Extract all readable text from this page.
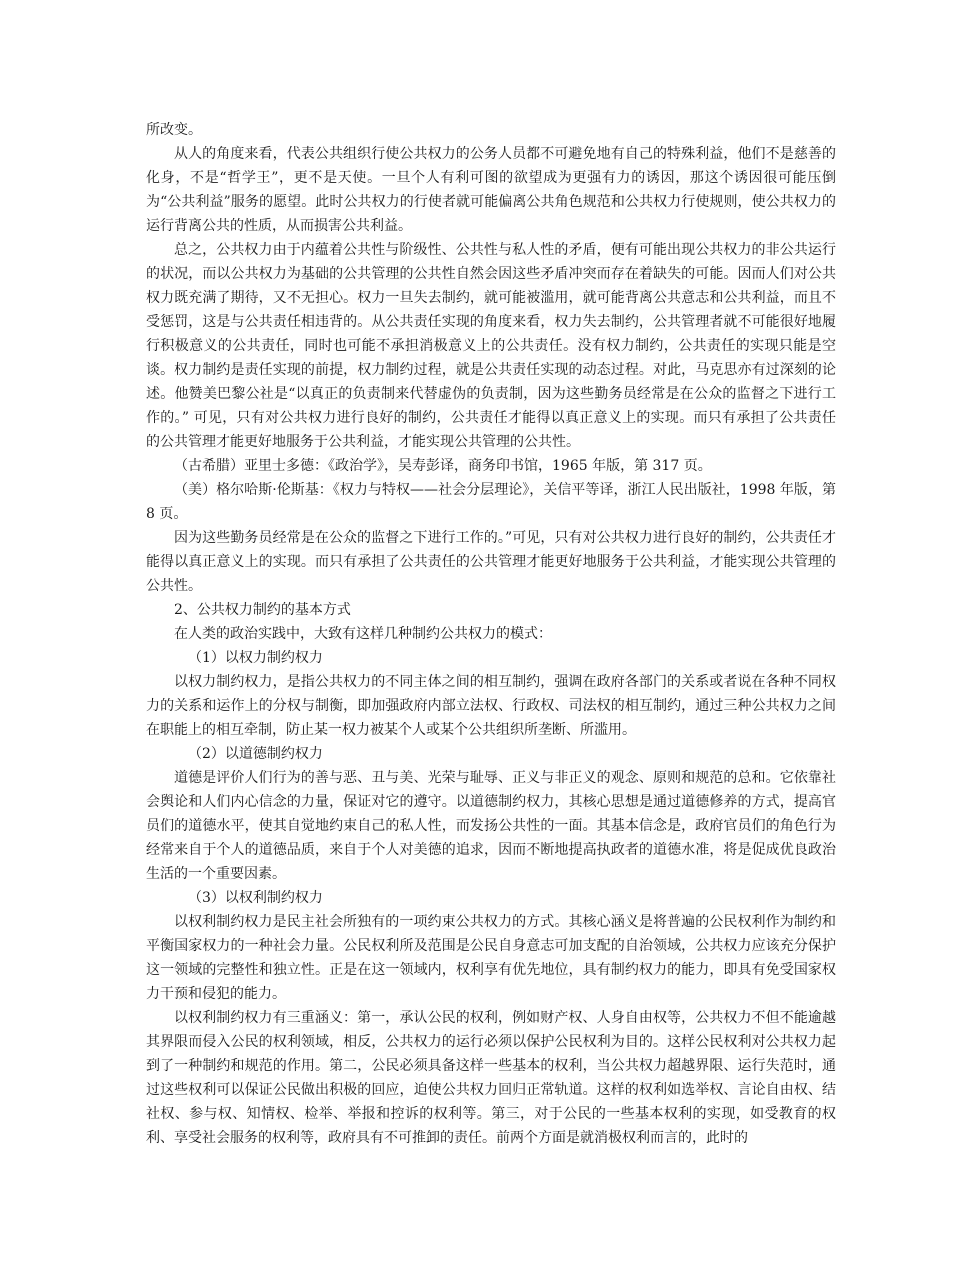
所改变。

从人的角度来看，代表公共组织行使公共权力的公务人员都不可避免地有自己的特殊利益，他们不是慈善的化身，不是“哲学王”，更不是天使。一旦个人有利可图的欲望成为更强有力的诱因，那这个诱因很可能压倒为“公共利益”服务的愿望。此时公共权力的行使者就可能偏离公共角色规范和公共权力行使规则，使公共权力的运行背离公共的性质，从而损害公共利益。

总之，公共权力由于内蕴着公共性与阶级性、公共性与私人性的矛盾，便有可能出现公共权力的非公共运行的状况，而以公共权力为基础的公共管理的公共性自然会因这些矛盾冲突而存在着缺失的可能。因而人们对公共权力既充满了期待，又不无担心。权力一旦失去制约，就可能被滥用，就可能背离公共意志和公共利益，而且不受惩罚，这是与公共责任相违背的。从公共责任实现的角度来看，权力失去制约，公共管理者就不可能很好地履行积极意义的公共责任，同时也可能不承担消极意义上的公共责任。没有权力制约，公共责任的实现只能是空谈。权力制约是责任实现的前提，权力制约过程，就是公共责任实现的动态过程。对此，马克思亦有过深刻的论述。他赞美巴黎公社是“以真正的负责制来代替虚伪的负责制，因为这些勤务员经常是在公众的监督之下进行工作的。” 可见，只有对公共权力进行良好的制约，公共责任才能得以真正意义上的实现。而只有承担了公共责任的公共管理才能更好地服务于公共利益，才能实现公共管理的公共性。

（古希腊）亚里士多德：《政治学》，吴寿彭译，商务印书馆，1965 年版，第 317 页。

（美）格尔哈斯·伦斯基：《权力与特权——社会分层理论》，关信平等译，浙江人民出版社，1998 年版，第 8 页。

因为这些勤务员经常是在公众的监督之下进行工作的。”可见，只有对公共权力进行良好的制约，公共责任才能得以真正意义上的实现。而只有承担了公共责任的公共管理才能更好地服务于公共利益，才能实现公共管理的公共性。

2、公共权力制约的基本方式

在人类的政治实践中，大致有这样几种制约公共权力的模式：

（1）以权力制约权力

以权力制约权力，是指公共权力的不同主体之间的相互制约，强调在政府各部门的关系或者说在各种不同权力的关系和运作上的分权与制衡，即加强政府内部立法权、行政权、司法权的相互制约，通过三种公共权力之间在职能上的相互牵制，防止某一权力被某个人或某个公共组织所垄断、所滥用。

（2）以道德制约权力

道德是评价人们行为的善与恶、丑与美、光荣与耻辱、正义与非正义的观念、原则和规范的总和。它依靠社会舆论和人们内心信念的力量，保证对它的遵守。以道德制约权力，其核心思想是通过道德修养的方式，提高官员们的道德水平，使其自觉地约束自己的私人性，而发扬公共性的一面。其基本信念是，政府官员们的角色行为经常来自于个人的道德品质，来自于个人对美德的追求，因而不断地提高执政者的道德水准，将是促成优良政治生活的一个重要因素。

（3）以权利制约权力

以权利制约权力是民主社会所独有的一项约束公共权力的方式。其核心涵义是将普遍的公民权利作为制约和平衡国家权力的一种社会力量。公民权利所及范围是公民自身意志可加支配的自治领域，公共权力应该充分保护这一领域的完整性和独立性。正是在这一领域内，权利享有优先地位，具有制约权力的能力，即具有免受国家权力干预和侵犯的能力。

以权利制约权力有三重涵义：第一，承认公民的权利，例如财产权、人身自由权等，公共权力不但不能逾越其界限而侵入公民的权利领域，相反，公共权力的运行必须以保护公民权利为目的。这样公民权利对公共权力起到了一种制约和规范的作用。第二，公民必须具备这样一些基本的权利，当公共权力超越界限、运行失范时，通过这些权利可以保证公民做出积极的回应，迫使公共权力回归正常轨道。这样的权利如选举权、言论自由权、结社权、参与权、知情权、检举、举报和控诉的权利等。第三，对于公民的一些基本权利的实现，如受教育的权利、享受社会服务的权利等，政府具有不可推卸的责任。前两个方面是就消极权利而言的，此时的
